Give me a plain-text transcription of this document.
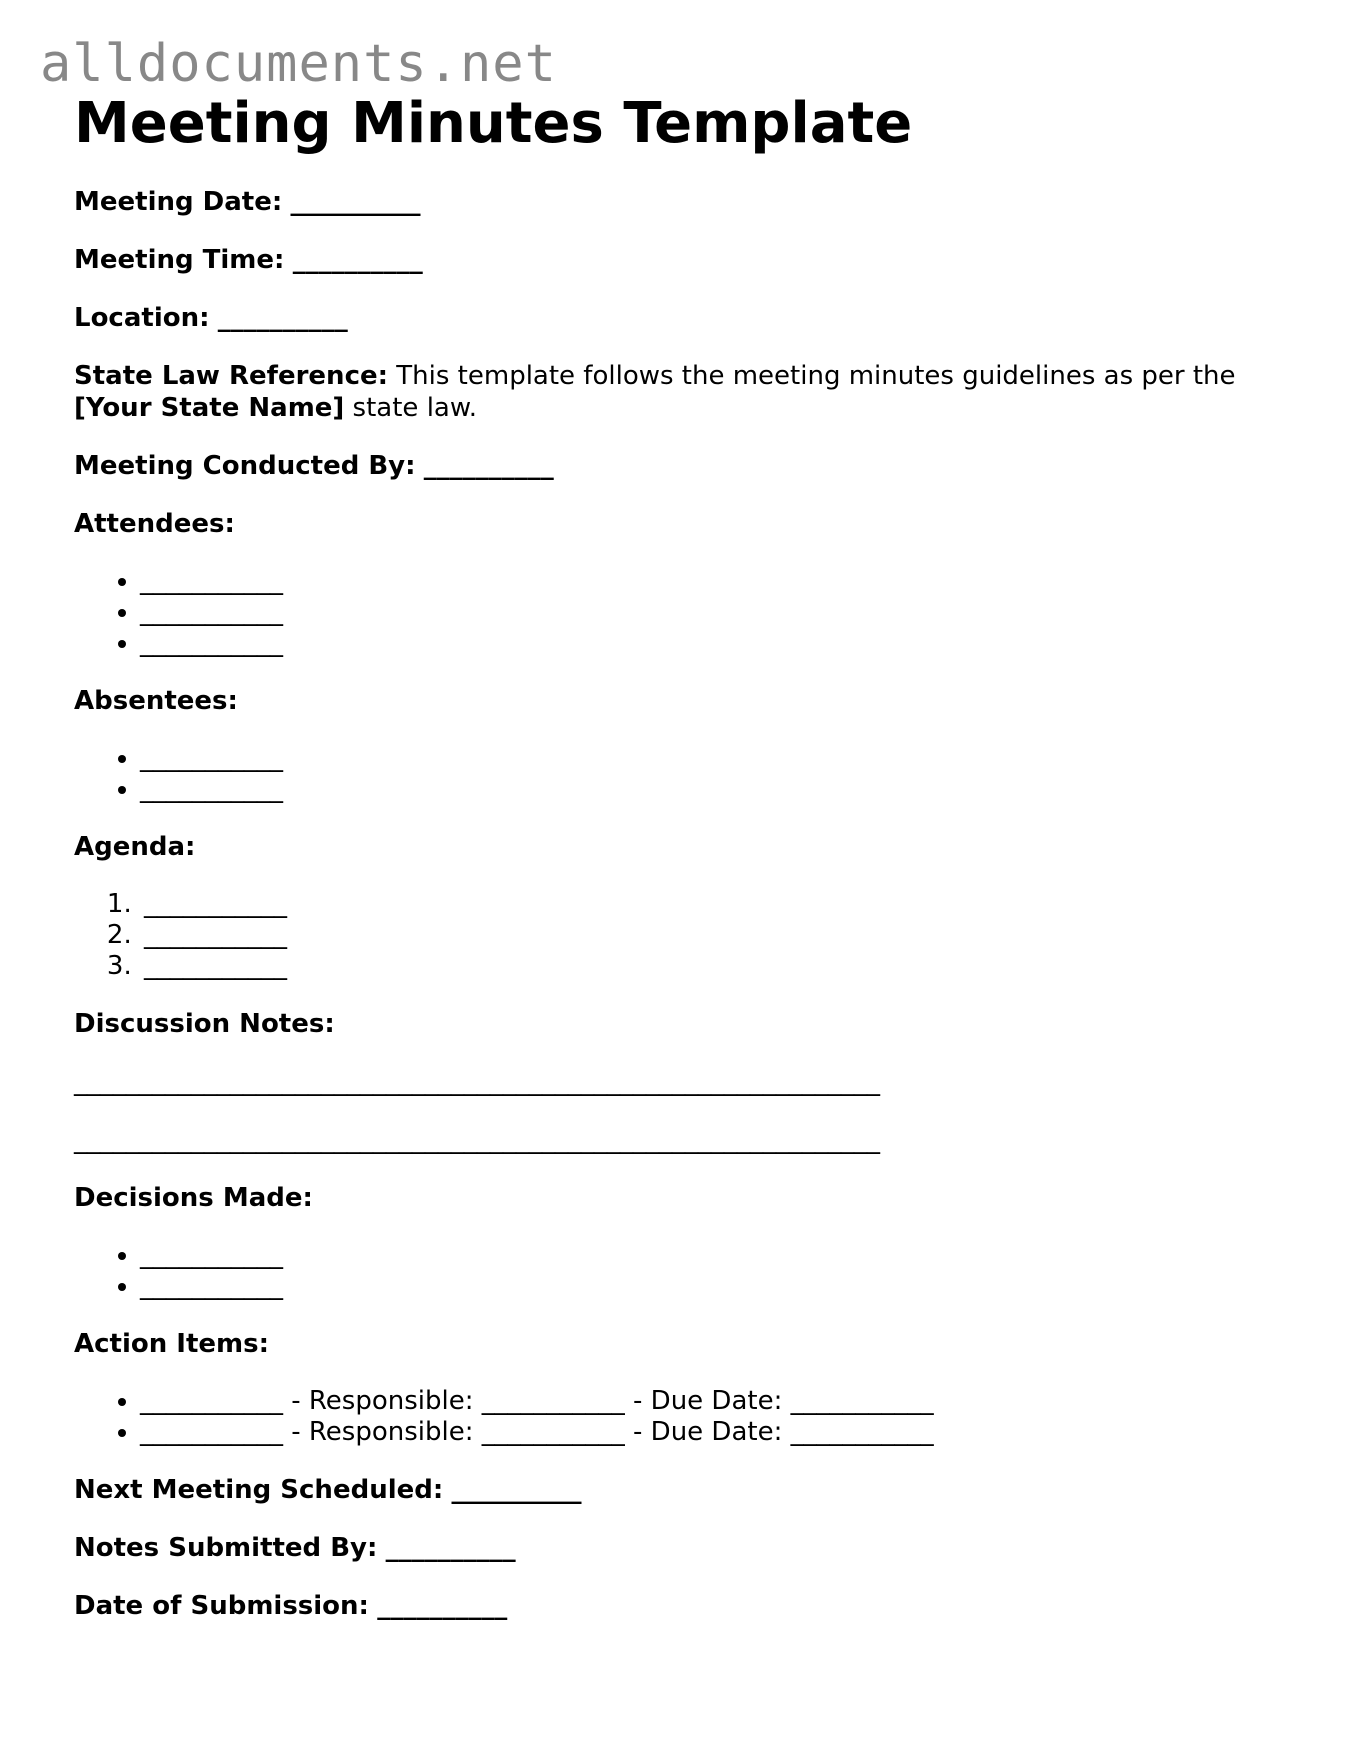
alldocuments.net
Meeting Minutes Template

Meeting Date: __________

Meeting Time: __________

Location: __________

State Law Reference: This template follows the meeting minutes guidelines as per the
[Your State Name] state law.

Meeting Conducted By: __________

Attendees:

• ___________
• ___________
• ___________

Absentees:

• ___________
• ___________

Agenda:

1. ___________
2. ___________
3. ___________

Discussion Notes:

______________________________________________________________

______________________________________________________________

Decisions Made:

• ___________
• ___________

Action Items:

• ___________ - Responsible: ___________ - Due Date: ___________
• ___________ - Responsible: ___________ - Due Date: ___________

Next Meeting Scheduled: __________

Notes Submitted By: __________

Date of Submission: __________
